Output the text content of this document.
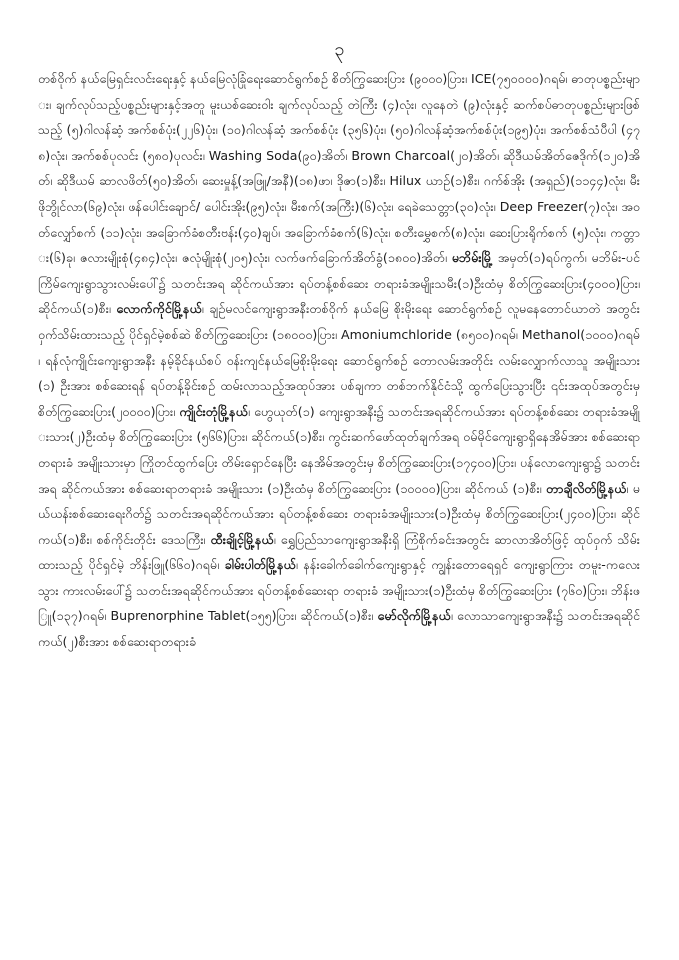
၃
တစ်ဝိုက် နယ်မြေရှင်းလင်းရေးနှင့် နယ်မြေလုံခြုံရေးဆောင်ရွက်စဉ် စိတ်ကြွဆေးပြား (၉၀၀၀)ပြား၊ ICE(၇၅၀၀၀၀)ဂရမ်၊ ဓာတုပစ္စည်းများ၊ ချက်လုပ်သည့်ပစ္စည်းများနှင့်အတူ မူးယစ်ဆေးဝါး ချက်လုပ်သည့် တဲကြီး (၄)လုံး၊ လူနေတဲ (၉)လုံးနှင့် ဆက်စပ်ဓာတုပစ္စည်းများဖြစ်သည့် (၅)ဂါလန်ဆံ့ အက်စစ်ပုံး(၂၂၆)ပုံး၊ (၁၀)ဂါလန်ဆံ့ အက်စစ်ပုံး (၃၅၆)ပုံး၊ (၅၀)ဂါလန်ဆံ့အက်စစ်ပုံး(၁၉၅)ပုံး၊ အက်စစ်သံပီပါ (၄၇၈)လုံး၊ အက်စစ်ပုလင်း (၅၈၀)ပုလင်း၊ Washing Soda(၉၀)အိတ်၊ Brown Charcoal(၂၀)အိတ်၊ ဆိုဒီယမ်အိတ်ဇေဒိုက်(၁၂၀)အိတ်၊ ဆိုဒီယမ် ဆာလဖိတ်(၅၀)အိတ်၊ ဆေးမှုန့်(အဖြူ/အနီ)(၁၈)ဖာ၊ ဒိုဇာ(၁)စီး၊ Hilux ယာဉ်(၁)စီး၊ ဂက်စ်အိုး (အရှည်)(၁၁၄၄)လုံး၊ မီးဖိုဘွိုင်လာ(၆၉)လုံး၊ ဖန်ပေါင်းချောင်/ ပေါင်းအိုး(၉၅)လုံး၊ မီးစက်(အကြီး)(၆)လုံး၊ ရေခဲသေတ္တာ(၃၀)လုံး၊ Deep Freezer(၇)လုံး၊ အဝတ်လျှော်စက် (၁၁)လုံး၊ အခြောက်ခံစတီးဗန်း(၄၀)ချပ်၊ အခြောက်ခံစက်(၆)လုံး၊ စတီးမွှေစက်(၈)လုံး၊ ဆေးပြားရိုက်စက် (၅)လုံး၊ ကတ္တား(၆)ခု၊ ဇလားမျိုးစုံ(၄၈၄)လုံး၊ ဇလုံမျိုးစုံ(၂၀၅)လုံး၊ လက်ဖက်ခြောက်အိတ်ခွံ(၁၈၀၀)အိတ်၊ မဘိမ်းမြို့ အမှတ်(၁)ရပ်ကွက်၊ မဘိမ်း-ပင်ကြိမ်ကျေးရွာသွားလမ်းပေါ်၌ သတင်းအရ ဆိုင်ကယ်အား ရပ်တန့်စစ်ဆေး တရားခံအမျိုးသမီး(၁)ဦးထံမှ စိတ်ကြွဆေးပြား(၄၀၀၀)ပြား၊ ဆိုင်ကယ်(၁)စီး၊ လောက်ကိုင်မြို့နယ်၊ ချဉ်မလင်ကျေးရွာအနီးတစ်ဝိုက် နယ်မြေ စိုးမိုးရေး ဆောင်ရွက်စဉ် လူမနေတောင်ယာတဲ အတွင်း ဝှက်သိမ်းထားသည့် ပိုင်ရှင်မဲ့စစ်ဆဲ စိတ်ကြွဆေးပြား (၁၈၀၀၀)ပြား၊ Amoniumchloride (၈၅၀၀)ဂရမ်၊ Methanol(၁၀၀၀)ဂရမ်၊ ရန်လုံကျိုင်းကျေးရွာအနီး နမ့်ခိုင်နယ်စပ် ဝန်းကျင်နယ်မြေစိုးမိုးရေး ဆောင်ရွက်စဉ် တောလမ်းအတိုင်း လမ်းလျှောက်လာသူ အမျိုးသား (၁) ဦးအား စစ်ဆေးရန် ရပ်တန့်ခိုင်းစဉ် ထမ်းလာသည့်အထုပ်အား ပစ်ချကာ တစ်ဘက်နိုင်ငံသို့ ထွက်ပြေးသွားပြီး ၎င်းအထုပ်အတွင်းမှ စိတ်ကြွဆေးပြား(၂၀၀၀၀)ပြား၊ ကျိုင်းတုံမြို့နယ်၊ ဟွေယုတ်(၁) ကျေးရွာအနီး၌ သတင်းအရဆိုင်ကယ်အား ရပ်တန့်စစ်ဆေး တရားခံအမျိုးသား(၂)ဦးထံမှ စိတ်ကြွဆေးပြား (၅၆၆)ပြား၊ ဆိုင်ကယ်(၁)စီး၊ ကွင်းဆက်ဖော်ထုတ်ချက်အရ ဝမ်မိုင်ကျေးရွာရှိနေအိမ်အား စစ်ဆေးရာတရားခံ အမျိုးသားမှာ ကြိုတင်ထွက်ပြေး တိမ်းရှောင်နေပြီး နေအိမ်အတွင်းမှ စိတ်ကြွဆေးပြား(၁၇၄၀၀)ပြား၊ ပန်လောကျေးရွာ၌ သတင်းအရ ဆိုင်ကယ်အား စစ်ဆေးရာတရားခံ အမျိုးသား (၁)ဦးထံမှ စိတ်ကြွဆေးပြား (၁၀၀၀၀)ပြား၊ ဆိုင်ကယ် (၁)စီး၊ တာချီလိတ်မြို့နယ်၊ မယ်ယန်းစစ်ဆေးရေးဂိတ်၌ သတင်းအရဆိုင်ကယ်အား ရပ်တန့်စစ်ဆေး တရားခံအမျိုးသား(၁)ဦးထံမှ စိတ်ကြွဆေးပြား(၂၄၀၀)ပြား၊ ဆိုင်ကယ်(၁)စီး၊ စစ်ကိုင်းတိုင်း ဒေသကြီး၊ ထီးချိုင့်မြို့နယ်၊ ရွှေပြည်သာကျေးရွာအနီးရှိ ကြံစိုက်ခင်းအတွင်း ဆာလာအိတ်ဖြင့် ထုပ်ဝှက် သိမ်းထားသည့် ပိုင်ရှင်မဲ့ ဘိန်းဖြူ(၆၆၀)ဂရမ်၊ ခါမ်းပါတ်မြို့နယ်၊ နန်းခေါက်ခေါက်ကျေးရွာနှင့် ကျွန်းတောရေရှင် ကျေးရွာကြား တမူး-ကလေးသွား ကားလမ်းပေါ်၌ သတင်းအရဆိုင်ကယ်အား ရပ်တန့်စစ်ဆေးရာ တရားခံ အမျိုးသား(၁)ဦးထံမှ စိတ်ကြွဆေးပြား (၇၆၀)ပြား၊ ဘိန်းဖြူ(၁၃၇)ဂရမ်၊ Buprenorphine Tablet(၁၅၅)ပြား၊ ဆိုင်ကယ်(၁)စီး၊ မော်လိုက်မြို့နယ်၊ လောသာကျေးရွာအနီး၌ သတင်းအရဆိုင်ကယ်(၂)စီးအား စစ်ဆေးရာတရားခံ
